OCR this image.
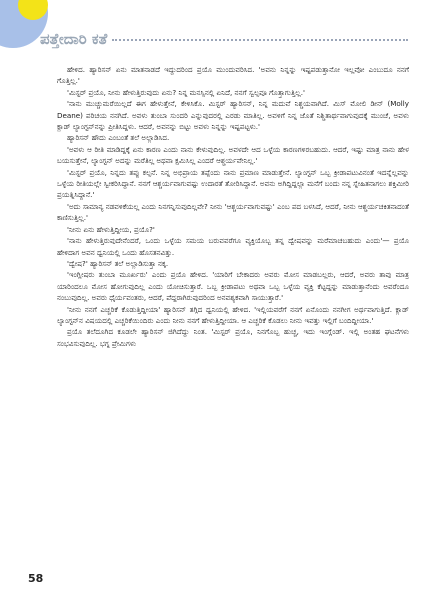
ಪತ್ತೇದಾರಿ ಕತೆ

ಹೇಳಿದ. ಹ್ಯಾರಿಸನ್ ಏನು ಮಾತನಾಡದೆ ಇದ್ದುದರಿಂದ ಪ್ರಯೊ ಮುಂದುವರಿಸಿದ. 'ಅವನು ನಿನ್ನನ್ನು ಇಷ್ಟಪಡುತ್ತಾನೋ ಇಲ್ಲವೋ ಎಂಬುದೂ ನನಗೆ ಗೊತ್ತಿಲ್ಲ.'

'ಮಿಸ್ಟರ್ ಪ್ರಯೊ, ನೀನು ಹೇಳುತ್ತಿರುವುದು ಏನು? ನಿನ್ನ ಮನಸ್ಸಿನಲ್ಲಿ ಏನಿದೆ, ನನಗೆ ಸ್ವಲ್ಪವೂ ಗೊತ್ತಾಗುತ್ತಿಲ್ಲ.'

'ನಾನು ಮುಚ್ಚುಮರೆಯಿಲ್ಲದೆ ಈಗ ಹೇಳುತ್ತೇನೆ, ಕೇಳಿಸಿಕೊ. ಮಿಸ್ಟರ್ ಹ್ಯಾರಿಸನ್, ನಿನ್ನ ಮದುವೆ ನಿಶ್ಚಯವಾಗಿದೆ. ಮಿಸ್ ಮೋಲಿ ಡೀನ್ (Molly Deane) ಪರಿಚಯ ನನಗಿದೆ. ಅವಳು ತುಂಬಾ ಸುಂದರಿ ಎನ್ನುವುದರಲ್ಲಿ ಎರಡು ಮಾತಿಲ್ಲ. ಅವಳಿಗೆ ನಿನ್ನ ಜೊತೆ ನಿಶ್ಚಿತಾರ್ಥವಾಗುವುದಕ್ಕೆ ಮುಂಚೆ, ಅವಳು ಕ್ಲಾಡ್ ಲ್ಯಾಂಗ್ಟನ್‌ನನ್ನು ಪ್ರೀತಿಸಿದ್ದಳು. ಆದರೆ, ಅವನನ್ನು ಬಿಟ್ಟು ಅವಳು ನಿನ್ನನ್ನು ಇಷ್ಟಪಟ್ಟಳು.'

ಹ್ಯಾರಿಸನ್ ಹೌದು ಎಂಬಂತೆ ತಲೆ ಅಲ್ಲಾಡಿಸಿದ.

'ಅವಳು ಆ ರೀತಿ ಮಾಡಿದ್ದಕ್ಕೆ ಏನು ಕಾರಣ ಎಂದು ನಾನು ಕೇಳುವುದಿಲ್ಲ. ಅವಳದೇ ಆದ ಒಳ್ಳೆಯ ಕಾರಣಗಳಿರಬಹುದು. ಆದರೆ, ಇಷ್ಟು ಮಾತ್ರ ನಾನು ಹೇಳ ಬಯಸುತ್ತೇನೆ, ಲ್ಯಾಂಗ್ಟನ್ ಅದನ್ನು ಮರೆತಿಲ್ಲ ಅಥವಾ ಕ್ಷಮಿಸಿಲ್ಲ ಎಂದರೆ ಆಶ್ಚರ್ಯವೇನಿಲ್ಲ.'

'ಮಿಸ್ಟರ್ ಪ್ರಯೊ, ನಿನ್ನದು ತಪ್ಪು ಕಲ್ಪನೆ. ನಿನ್ನ ಅಭಿಪ್ರಾಯ ತಪ್ಪೆಂದು ನಾನು ಪ್ರಮಾಣ ಮಾಡುತ್ತೇನೆ. ಲ್ಯಾಂಗ್ಟನ್ ಒಬ್ಬ ಕ್ರೀಡಾಪಟುವಿನಂತೆ ಇದನ್ನೆಲ್ಲವನ್ನು ಒಳ್ಳೆಯ ರೀತಿಯಲ್ಲೇ ಸ್ವೀಕರಿಸಿದ್ದಾನೆ. ನನಗೆ ಆಶ್ಚರ್ಯವಾಗುವಷ್ಟು ಉದಾರತೆ ತೋರಿಸಿದ್ದಾನೆ. ಅವನು ಅಗಿದ್ದಿದ್ದಲ್ಲಾ ಮನೆಗೆ ಬಂದು ನನ್ನ ಸ್ನೇಹಿತನಾಗಲು ಶಕ್ತಿಮೀರಿ ಪ್ರಯತ್ನಿಸಿದ್ದಾನೆ.'

'ಅದು ಸಾಮಾನ್ಯ ನಡವಳಿಕೆಯಲ್ಲ ಎಂದು ನಿನಗನ್ನಿಸುವುದಿಲ್ಲವೇ? ನೀನು 'ಆಶ್ಚರ್ಯವಾಗುವಷ್ಟು' ಎಂಬ ಪದ ಬಳಸಿದೆ, ಆದರೆ, ನೀನು ಆಶ್ಚರ್ಯಚಕಿತನಾದಂತೆ ಕಾಣಿಸುತ್ತಿಲ್ಲ.'

'ನೀನು ಏನು ಹೇಳುತ್ತಿದ್ದೀಯ, ಪ್ರಯೊ?'

'ನಾನು ಹೇಳುತ್ತಿರುವುದೇನೆಂದರೆ, ಒಂದು ಒಳ್ಳೆಯ ಸಮಯ ಬರುವವರೆಗೂ ವ್ಯಕ್ತಿಯೊಬ್ಬ ತನ್ನ ದ್ವೇಷವನ್ನು ಮರೆಮಾಚಬಹುದು ಎಂದು'— ಪ್ರಯೊ ಹೇಳಿದಾಗ ಅವನ ಧ್ವನಿಯಲ್ಲಿ ಒಂದು ಹೊಸತನವಿತ್ತು.

'ದ್ವೇಷ?' ಹ್ಯಾರಿಸನ್ ತಲೆ ಅಲ್ಲಾಡಿಸುತ್ತಾ ನಕ್ಕ.

'ಇಂಗ್ಲೀಷರು ತುಂಬಾ ಮೂರ್ಖರು' ಎಂದು ಪ್ರಯೊ ಹೇಳಿದ. 'ಯಾರಿಗೆ ಬೇಕಾದರು ಅವರು ಮೋಸ ಮಾಡಬಲ್ಲರು, ಆದರೆ, ಅವರು ತಾವು ಮಾತ್ರ ಯಾರಿಂದಲೂ ಮೋಸ ಹೋಗುವುದಿಲ್ಲ ಎಂದು ಯೋಚಿಸುತ್ತಾರೆ. ಒಬ್ಬ ಕ್ರೀಡಾಪಟು ಅಥವಾ ಒಬ್ಬ ಒಳ್ಳೆಯ ವ್ಯಕ್ತಿ ಕೆಟ್ಟದ್ದನ್ನು ಮಾಡುತ್ತಾನೆಂದು ಅವರೆಂದೂ ನಂಬುವುದಿಲ್ಲ. ಅವರು ಧೈರ್ಯವಂತರು, ಆದರೆ, ಪೆದ್ದರಾಗಿರುವುದರಿಂದ ಅನವಶ್ಯಕವಾಗಿ ಸಾಯುತ್ತಾರೆ.'

'ನೀನು ನನಗೆ ಎಚ್ಚರಿಕೆ ಕೊಡುತ್ತಿದ್ದೀಯಾ' ಹ್ಯಾರಿಸನ್ ತಗ್ಗಿದ ಧ್ವನಿಯಲ್ಲಿ ಹೇಳಿದ. 'ಇಲ್ಲಿಯವರೆಗೆ ನನಗೆ ಏನೊಂದು ನನಗೀಗ ಅರ್ಥವಾಗುತ್ತಿದೆ. ಕ್ಲಾಡ್ ಲ್ಯಾಂಗ್ಟನ್‌ನ ವಿಷಯದಲ್ಲಿ ಎಚ್ಚರಿಕೆಯಿಂದಿರು ಎಂದು ನೀನು ನನಗೆ ಹೇಳುತ್ತಿದ್ದೀಯಾ. ಆ ಎಚ್ಚರಿಕೆ ಕೊಡಲು ನೀನು ಇವತ್ತು ಇಲ್ಲಿಗೆ ಬಂದಿದ್ದೀಯಾ.'

ಪ್ರಯೊ ತಲೆದೂಗಿದ ಕೂಡಲೇ ಹ್ಯಾರಿಸನ್ ಜಿಗಿದೆದ್ದು ನಿಂತ. 'ಮಿಸ್ಟರ್ ಪ್ರಯೊ, ನಿನಗೊಬ್ಬ ಹುಚ್ಚ, ಇದು ಇಂಗ್ಲೆಂಡ್. ಇಲ್ಲಿ ಅಂತಹ ಘಟನೆಗಳು ಸಂಭವಿಸುವುದಿಲ್ಲ. ಭಗ್ನ ಪ್ರೇಮಿಗಳು

58
